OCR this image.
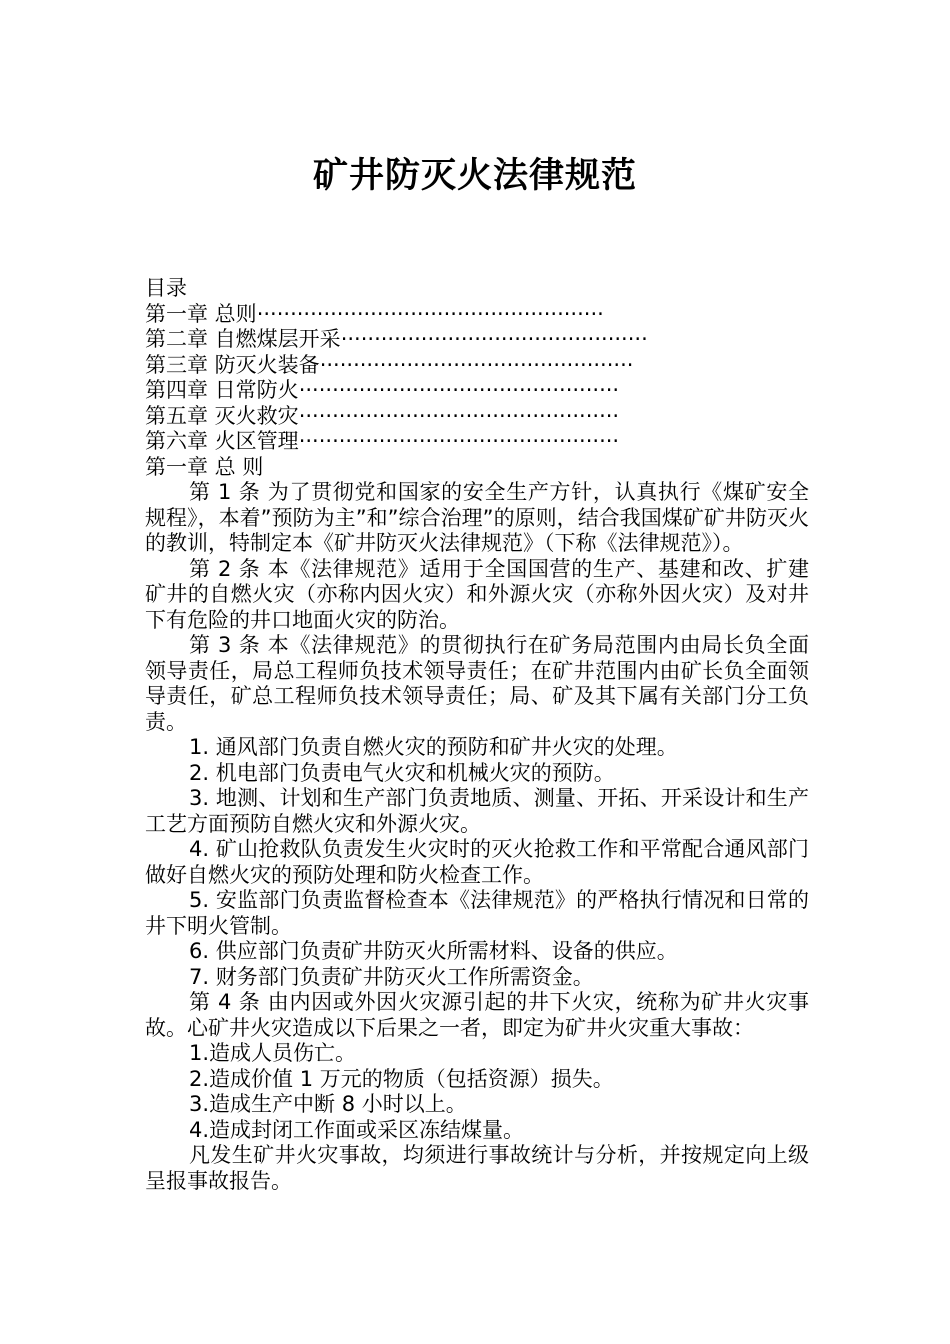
矿井防灭火法律规范

目录

第一章 总则····················································

第二章 自燃煤层开采··············································

第三章 防灭火装备···············································

第四章 日常防火················································

第五章 灭火救灾················································

第六章 火区管理················································

第一章 总 则

第 1 条 为了贯彻党和国家的安全生产方针，认真执行《煤矿安全规程》，本着”预防为主”和”综合治理”的原则，结合我国煤矿矿井防灭火的教训，特制定本《矿井防灭火法律规范》（下称《法律规范》）。

第 2 条 本《法律规范》适用于全国国营的生产、基建和改、扩建矿井的自燃火灾（亦称内因火灾）和外源火灾（亦称外因火灾）及对井下有危险的井口地面火灾的防治。

第 3 条 本《法律规范》的贯彻执行在矿务局范围内由局长负全面领导责任，局总工程师负技术领导责任；在矿井范围内由矿长负全面领导责任，矿总工程师负技术领导责任；局、矿及其下属有关部门分工负责。

1. 通风部门负责自燃火灾的预防和矿井火灾的处理。

2. 机电部门负责电气火灾和机械火灾的预防。

3. 地测、计划和生产部门负责地质、测量、开拓、开采设计和生产工艺方面预防自燃火灾和外源火灾。

4. 矿山抢救队负责发生火灾时的灭火抢救工作和平常配合通风部门做好自燃火灾的预防处理和防火检查工作。

5. 安监部门负责监督检查本《法律规范》的严格执行情况和日常的井下明火管制。

6. 供应部门负责矿井防灭火所需材料、设备的供应。

7. 财务部门负责矿井防灭火工作所需资金。

第 4 条 由内因或外因火灾源引起的井下火灾，统称为矿井火灾事故。心矿井火灾造成以下后果之一者，即定为矿井火灾重大事故：

1.造成人员伤亡。

2.造成价值 1 万元的物质（包括资源）损失。

3.造成生产中断 8 小时以上。

4.造成封闭工作面或采区冻结煤量。

凡发生矿井火灾事故，均须进行事故统计与分析，并按规定向上级呈报事故报告。
